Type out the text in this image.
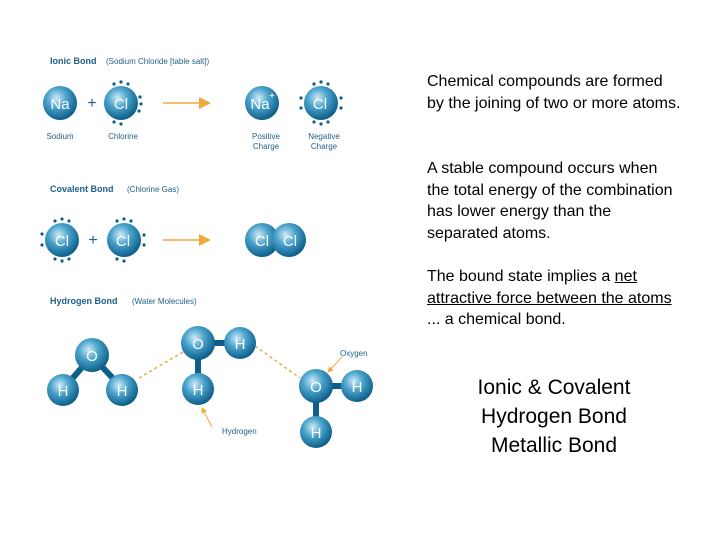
Ionic Bond (Sodium Chloride [table salt])
Na + Cl	Na +	Cl
−
Sodium	Chlorine	Positive
Charge
Negative
Charge
Covalent Bond (Chlorine Gas)
Cl + Cl	Cl Cl
Hydrogen Bond (Water Molecules)
O
H	H
O H
H	O H
H
Oxygen
Hydrogen

Chemical compounds are formed by the joining of two or more atoms.

A stable compound occurs when the total energy of the combination has lower energy than the separated atoms.

The bound state implies a net attractive force between the atoms ... a chemical bond.

Ionic & Covalent
Hydrogen Bond
Metallic Bond
